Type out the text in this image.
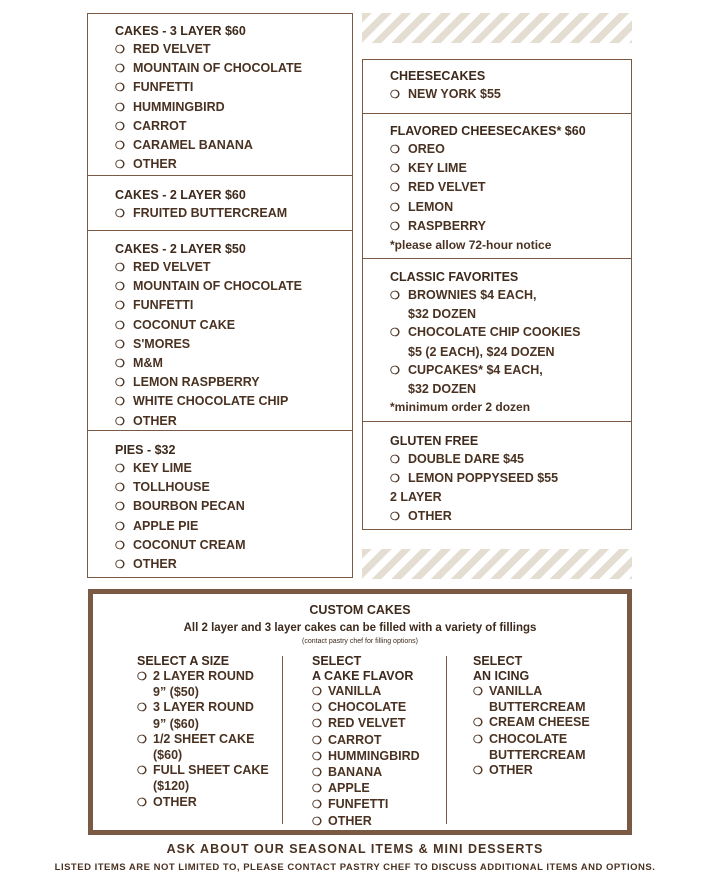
CAKES - 3 LAYER $60
❍ RED VELVET
❍ MOUNTAIN OF CHOCOLATE
❍ FUNFETTI
❍ HUMMINGBIRD
❍ CARROT
❍ CARAMEL BANANA
❍ OTHER
CAKES - 2 LAYER $60
❍ FRUITED BUTTERCREAM
CAKES - 2 LAYER $50
❍ RED VELVET
❍ MOUNTAIN OF CHOCOLATE
❍ FUNFETTI
❍ COCONUT CAKE
❍ S'MORES
❍ M&M
❍ LEMON RASPBERRY
❍ WHITE CHOCOLATE CHIP
❍ OTHER
PIES - $32
❍ KEY LIME
❍ TOLLHOUSE
❍ BOURBON PECAN
❍ APPLE PIE
❍ COCONUT CREAM
❍ OTHER
CHEESECAKES
❍ NEW YORK $55
FLAVORED CHEESECAKES* $60
❍ OREO
❍ KEY LIME
❍ RED VELVET
❍ LEMON
❍ RASPBERRY
*please allow 72-hour notice
CLASSIC FAVORITES
❍ BROWNIES $4 EACH,
$32 DOZEN
❍ CHOCOLATE CHIP COOKIES
$5 (2 EACH), $24 DOZEN
❍ CUPCAKES* $4 EACH,
$32 DOZEN
*minimum order 2 dozen
GLUTEN FREE
❍ DOUBLE DARE $45
❍ LEMON POPPYSEED $55
2 LAYER
❍ OTHER
CUSTOM CAKES
All 2 layer and 3 layer cakes can be filled with a variety of fillings
(contact pastry chef for filling options)
SELECT A SIZE
❍ 2 LAYER ROUND
9” ($50)
❍ 3 LAYER ROUND
9” ($60)
❍ 1/2 SHEET CAKE
($60)
❍ FULL SHEET CAKE
($120)
❍ OTHER
SELECT
A CAKE FLAVOR
❍ VANILLA
❍ CHOCOLATE
❍ RED VELVET
❍ CARROT
❍ HUMMINGBIRD
❍ BANANA
❍ APPLE
❍ FUNFETTI
❍ OTHER
SELECT
AN ICING
❍ VANILLA
BUTTERCREAM
❍ CREAM CHEESE
❍ CHOCOLATE
BUTTERCREAM
❍ OTHER
ASK ABOUT OUR SEASONAL ITEMS & MINI DESSERTS
LISTED ITEMS ARE NOT LIMITED TO, PLEASE CONTACT PASTRY CHEF TO DISCUSS ADDITIONAL ITEMS AND OPTIONS.
